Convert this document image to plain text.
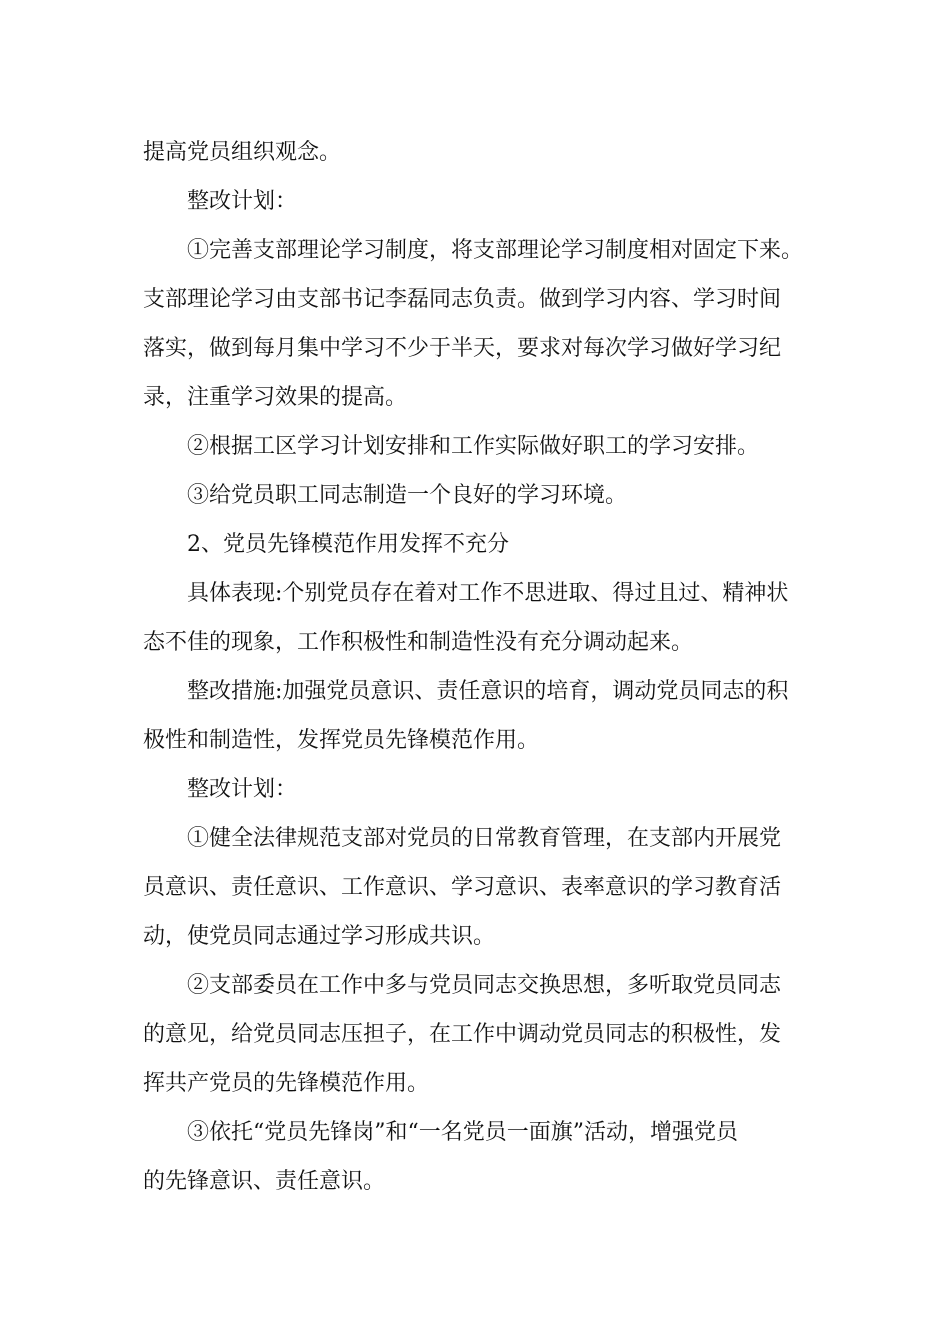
提高党员组织观念。

整改计划：

①完善支部理论学习制度，将支部理论学习制度相对固定下来。
支部理论学习由支部书记李磊同志负责。做到学习内容、学习时间
落实，做到每月集中学习不少于半天，要求对每次学习做好学习纪
录，注重学习效果的提高。

②根据工区学习计划安排和工作实际做好职工的学习安排。

③给党员职工同志制造一个良好的学习环境。

2、党员先锋模范作用发挥不充分

具体表现:个别党员存在着对工作不思进取、得过且过、精神状
态不佳的现象，工作积极性和制造性没有充分调动起来。

整改措施:加强党员意识、责任意识的培育，调动党员同志的积
极性和制造性，发挥党员先锋模范作用。

整改计划：

①健全法律规范支部对党员的日常教育管理，在支部内开展党
员意识、责任意识、工作意识、学习意识、表率意识的学习教育活
动，使党员同志通过学习形成共识。

②支部委员在工作中多与党员同志交换思想，多听取党员同志
的意见，给党员同志压担子，在工作中调动党员同志的积极性，发
挥共产党员的先锋模范作用。

③依托“党员先锋岗”和“一名党员一面旗”活动，增强党员
的先锋意识、责任意识。
